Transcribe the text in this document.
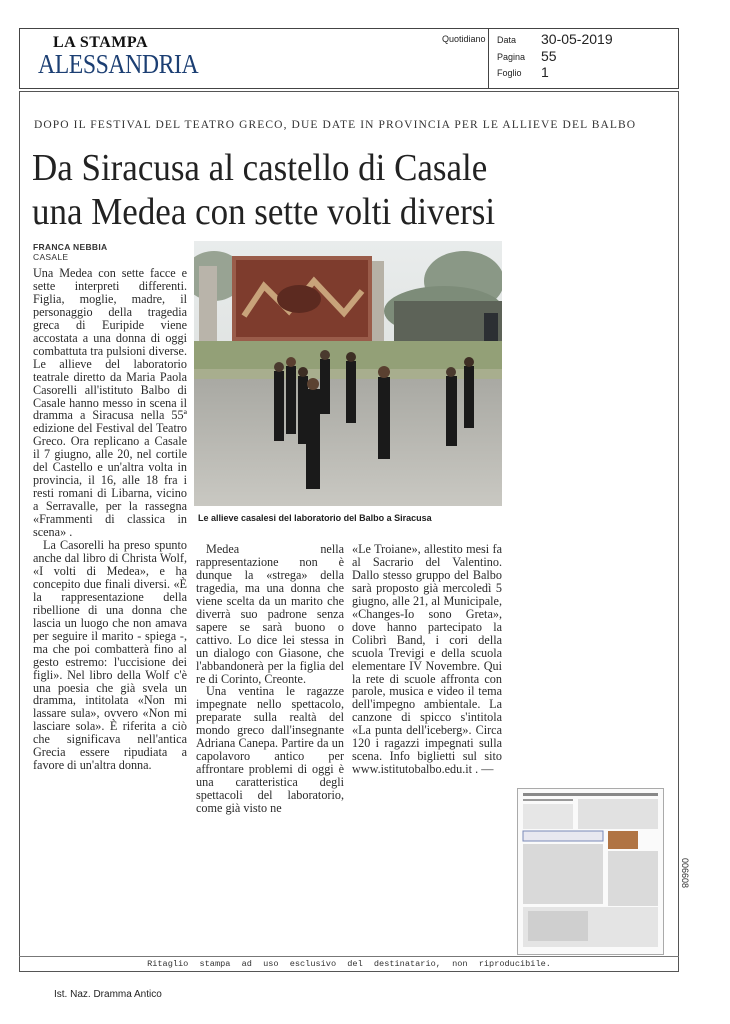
LA STAMPA
ALESSANDRIA
Quotidiano Data 30-05-2019
Pagina 55
Foglio 1
DOPO IL FESTIVAL DEL TEATRO GRECO, DUE DATE IN PROVINCIA PER LE ALLIEVE DEL BALBO
Da Siracusa al castello di Casale
una Medea con sette volti diversi
FRANCA NEBBIA
CASALE

Una Medea con sette facce e sette interpreti differenti. Figlia, moglie, madre, il personaggio della tragedia greca di Euripide viene accostata a una donna di oggi combattuta tra pulsioni diverse. Le allieve del laboratorio teatrale diretto da Maria Paola Casorelli all'istituto Balbo di Casale hanno messo in scena il dramma a Siracusa nella 55ª edizione del Festival del Teatro Greco. Ora replicano a Casale il 7 giugno, alle 20, nel cortile del Castello e un'altra volta in provincia, il 16, alle 18 fra i resti romani di Libarna, vicino a Serravalle, per la rassegna «Frammenti di classica in scena» .

La Casorelli ha preso spunto anche dal libro di Christa Wolf, «I volti di Medea», e ha concepito due finali diversi. «È la rappresentazione della ribellione di una donna che lascia un luogo che non amava per seguire il marito - spiega -, ma che poi combatterà fino al gesto estremo: l'uccisione dei figli». Nel libro della Wolf c'è una poesia che già svela un dramma, intitolata «Non mi lassare sula», ovvero «Non mi lasciare sola». È riferita a ciò che significava nell'antica Grecia essere ripudiata a favore di un'altra donna.

Le allieve casalesi del laboratorio del Balbo a Siracusa

Medea nella rappresentazione non è dunque la «strega» della tragedia, ma una donna che viene scelta da un marito che diverrà suo padrone senza sapere se sarà buono o cattivo. Lo dice lei stessa in un dialogo con Giasone, che l'abbandonerà per la figlia del re di Corinto, Creonte.

Una ventina le ragazze impegnate nello spettacolo, preparate sulla realtà del mondo greco dall'insegnante Adriana Canepa. Partire da un capolavoro antico per affrontare problemi di oggi è una caratteristica degli spettacoli del laboratorio, come già visto ne

«Le Troiane», allestito mesi fa al Sacrario del Valentino. Dallo stesso gruppo del Balbo sarà proposto già mercoledì 5 giugno, alle 21, al Municipale, «Changes-Io sono Greta», dove hanno partecipato la Colibrì Band, i cori della scuola Trevigi e della scuola elementare IV Novembre. Qui la rete di scuole affronta con parole, musica e video il tema dell'impegno ambientale. La canzone di spicco s'intitola «La punta dell'iceberg». Circa 120 i ragazzi impegnati sulla scena. Info biglietti sul sito www.istitutobalbo.edu.it . —

006608
Ritaglio stampa ad uso esclusivo del destinatario, non riproducibile.
Ist. Naz. Dramma Antico
